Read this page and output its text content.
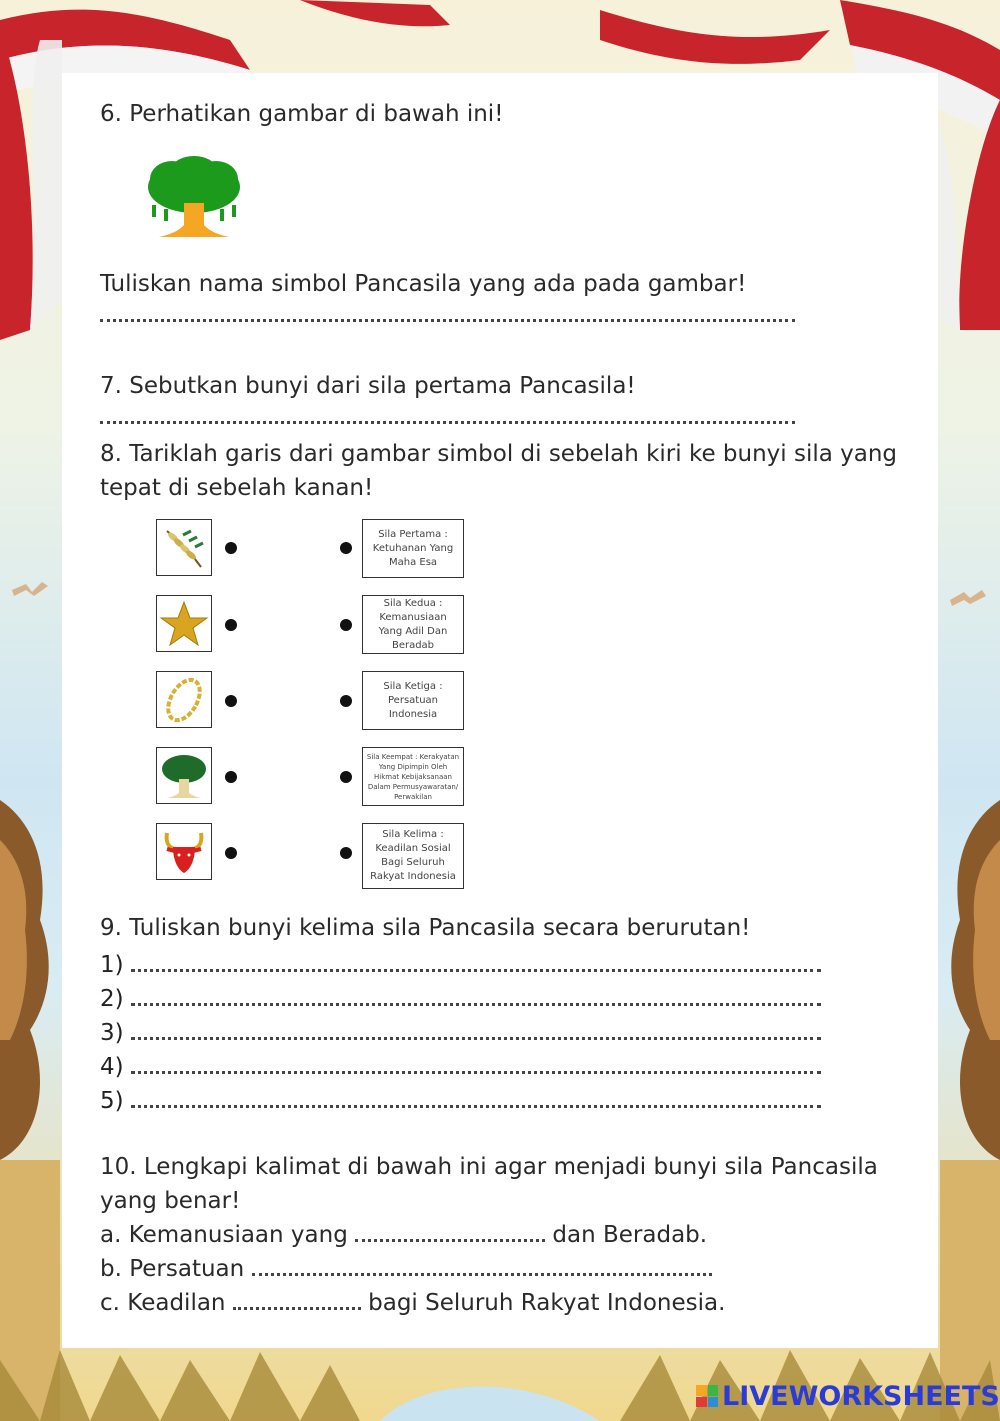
6. Perhatikan gambar di bawah ini!
Tuliskan nama simbol Pancasila yang ada pada gambar!
7. Sebutkan bunyi dari sila pertama Pancasila!
8. Tariklah garis dari gambar simbol di sebelah kiri ke bunyi sila yang
tepat di sebelah kanan!
Sila Pertama : Ketuhanan Yang Maha Esa
Sila Kedua : Kemanusiaan Yang Adil Dan Beradab
Sila Ketiga : Persatuan Indonesia
Sila Keempat : Kerakyatan Yang Dipimpin Oleh Hikmat Kebijaksanaan Dalam Permusyawaratan/ Perwakilan
Sila Kelima : Keadilan Sosial Bagi Seluruh Rakyat Indonesia
9. Tuliskan bunyi kelima sila Pancasila secara berurutan!
1)
2)
3)
4)
5)
10. Lengkapi kalimat di bawah ini agar menjadi bunyi sila Pancasila
yang benar!
a. Kemanusiaan yang	dan Beradab.
b. Persatuan
c. Keadilan	bagi Seluruh Rakyat Indonesia.
LIVEWORKSHEETS
